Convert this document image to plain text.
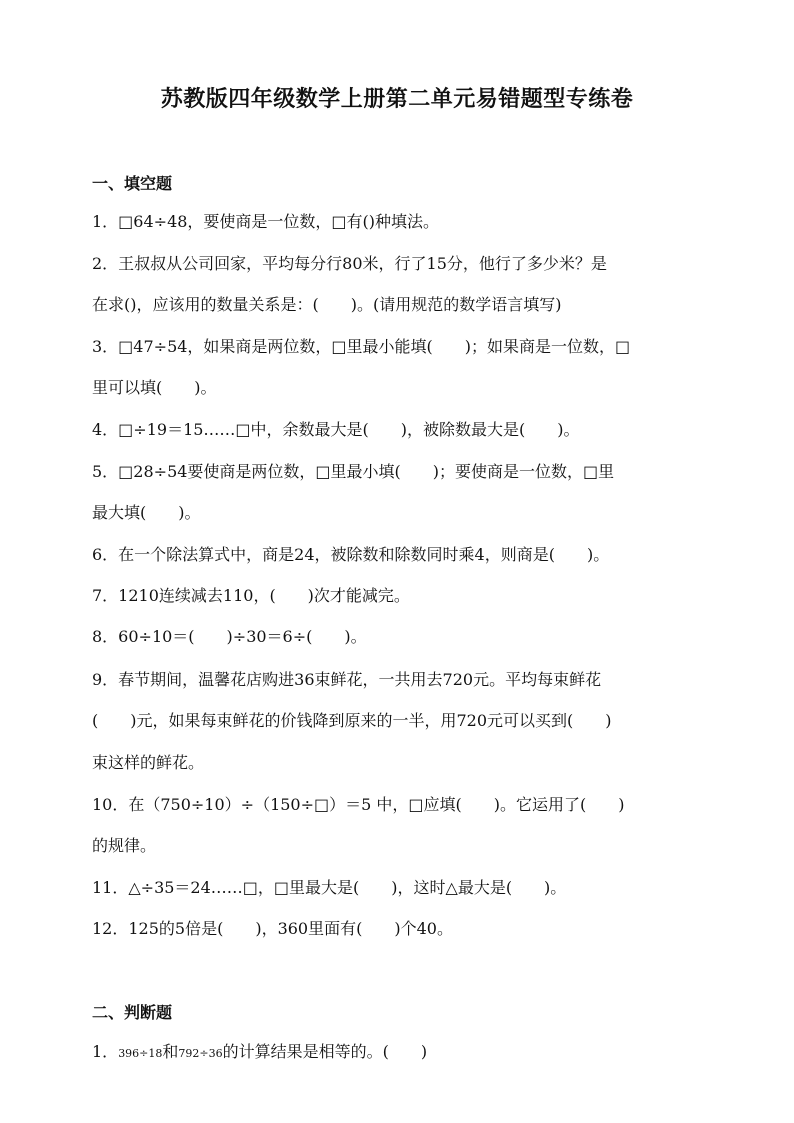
苏教版四年级数学上册第二单元易错题型专练卷
一、填空题
1．□64÷48，要使商是一位数，□有()种填法。
2．王叔叔从公司回家，平均每分行80米，行了15分，他行了多少米？是
在求()，应该用的数量关系是：(　　)。(请用规范的数学语言填写)
3．□47÷54，如果商是两位数，□里最小能填(　　)；如果商是一位数，□
里可以填(　　)。
4．□÷19＝15……□中，余数最大是(　　)，被除数最大是(　　)。
5．□28÷54要使商是两位数，□里最小填(　　)；要使商是一位数，□里
最大填(　　)。
6．在一个除法算式中，商是24，被除数和除数同时乘4，则商是(　　)。
7．1210连续减去110，(　　)次才能减完。
8．60÷10＝(　　)÷30＝6÷(　　)。
9．春节期间，温馨花店购进36束鲜花，一共用去720元。平均每束鲜花
(　　)元，如果每束鲜花的价钱降到原来的一半，用720元可以买到(　　)
束这样的鲜花。
10．在（750÷10）÷（150÷□）＝5 中，□应填(　　)。它运用了(　　)
的规律。
11．△÷35＝24……□，□里最大是(　　)，这时△最大是(　　)。
12．125的5倍是(　　)，360里面有(　　)个40。
二、判断题
1．396÷18和792÷36的计算结果是相等的。(　　)
